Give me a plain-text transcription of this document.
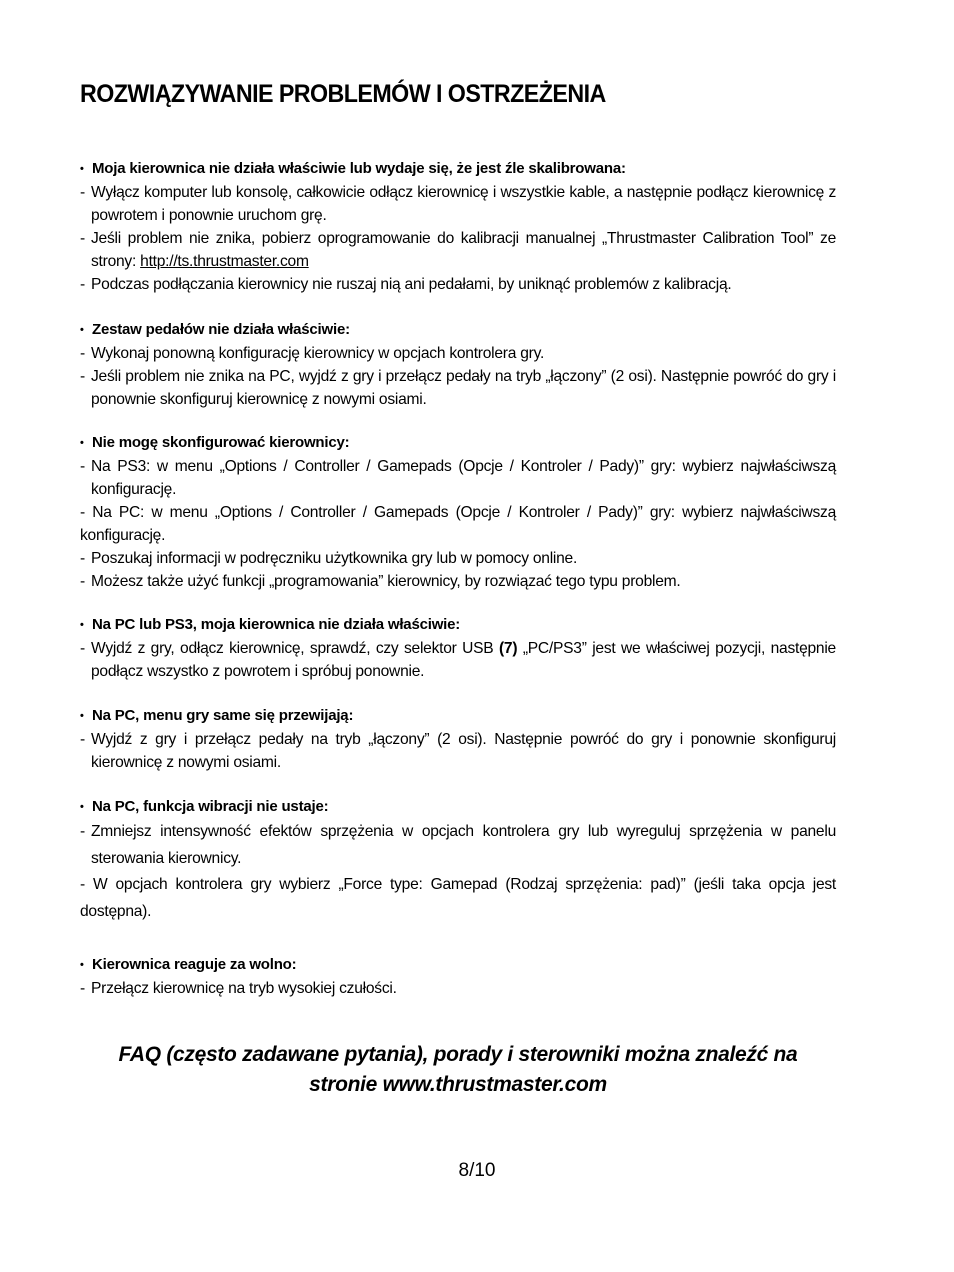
ROZWIĄZYWANIE PROBLEMÓW I OSTRZEŻENIA
• Moja kierownica nie działa właściwie lub wydaje się, że jest źle skalibrowana:
- Wyłącz komputer lub konsolę, całkowicie odłącz kierownicę i wszystkie kable, a następnie podłącz kierownicę z powrotem i ponownie uruchom grę.
- Jeśli problem nie znika, pobierz oprogramowanie do kalibracji manualnej „Thrustmaster Calibration Tool” ze strony: http://ts.thrustmaster.com
- Podczas podłączania kierownicy nie ruszaj nią ani pedałami, by uniknąć problemów z kalibracją.
• Zestaw pedałów nie działa właściwie:
- Wykonaj ponowną konfigurację kierownicy w opcjach kontrolera gry.
- Jeśli problem nie znika na PC, wyjdź z gry i przełącz pedały na tryb „łączony” (2 osi). Następnie powróć do gry i ponownie skonfiguruj kierownicę z nowymi osiami.
• Nie mogę skonfigurować kierownicy:
- Na PS3: w menu „Options / Controller / Gamepads (Opcje / Kontroler / Pady)” gry: wybierz najwłaściwszą konfigurację.
- Na PC: w menu „Options / Controller / Gamepads (Opcje / Kontroler / Pady)” gry: wybierz najwłaściwszą konfigurację.
- Poszukaj informacji w podręczniku użytkownika gry lub w pomocy online.
- Możesz także użyć funkcji „programowania” kierownicy, by rozwiązać tego typu problem.
• Na PC lub PS3, moja kierownica nie działa właściwie:
- Wyjdź z gry, odłącz kierownicę, sprawdź, czy selektor USB (7) „PC/PS3” jest we właściwej pozycji, następnie podłącz wszystko z powrotem i spróbuj ponownie.
• Na PC, menu gry same się przewijają:
- Wyjdź z gry i przełącz pedały na tryb „łączony” (2 osi). Następnie powróć do gry i ponownie skonfiguruj kierownicę z nowymi osiami.
• Na PC, funkcja wibracji nie ustaje:
- Zmniejsz intensywność efektów sprzężenia w opcjach kontrolera gry lub wyreguluj sprzężenia w panelu sterowania kierownicy.
- W opcjach kontrolera gry wybierz „Force type: Gamepad (Rodzaj sprzężenia: pad)” (jeśli taka opcja jest dostępna).
• Kierownica reaguje za wolno:
- Przełącz kierownicę na tryb wysokiej czułości.
FAQ (często zadawane pytania), porady i sterowniki można znaleźć na
stronie www.thrustmaster.com
8/10
